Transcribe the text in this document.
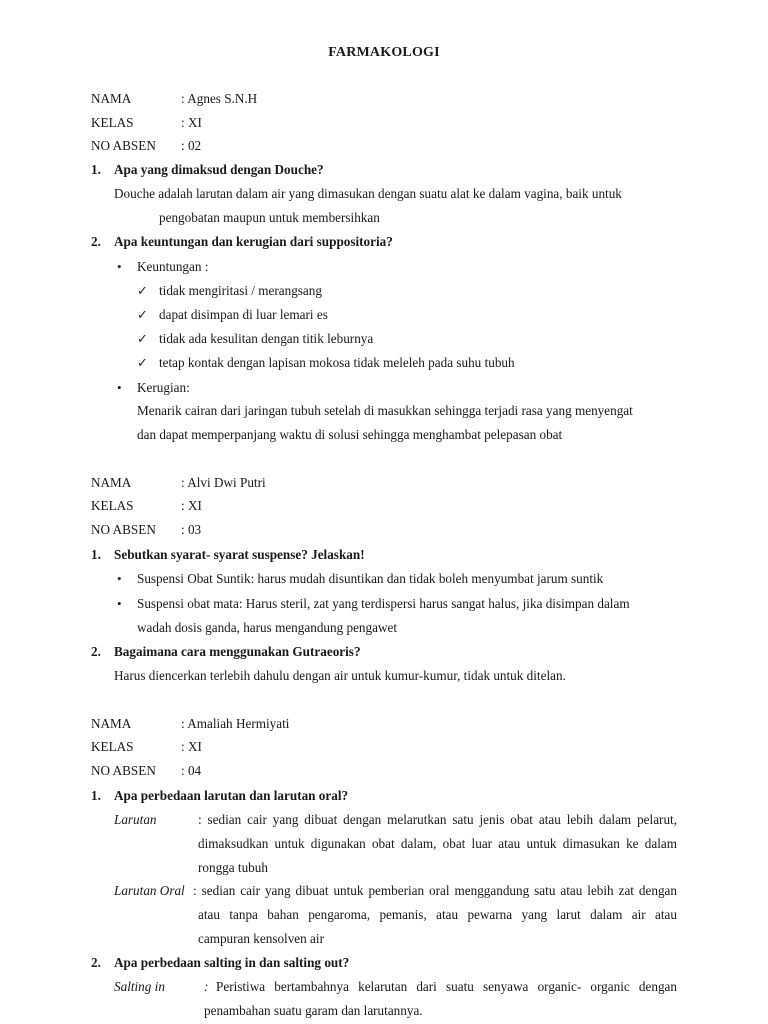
FARMAKOLOGI
NAMA	: Agnes S.N.H
KELAS	: XI
NO ABSEN : 02
1. Apa yang dimaksud dengan Douche?
Douche adalah larutan dalam air yang dimasukan dengan suatu alat ke dalam vagina, baik untuk
pengobatan maupun untuk membersihkan
2. Apa keuntungan dan kerugian dari suppositoria?
• Keuntungan :
✓ tidak mengiritasi / merangsang
✓ dapat disimpan di luar lemari es
✓ tidak ada kesulitan dengan titik leburnya
✓ tetap kontak dengan lapisan mokosa tidak meleleh pada suhu tubuh
• Kerugian:
Menarik cairan dari jaringan tubuh setelah di masukkan sehingga terjadi rasa yang menyengat
dan dapat memperpanjang waktu di solusi sehingga menghambat pelepasan obat
NAMA	: Alvi Dwi Putri
KELAS	: XI
NO ABSEN : 03
1. Sebutkan syarat- syarat suspense? Jelaskan!
• Suspensi Obat Suntik: harus mudah disuntikan dan tidak boleh menyumbat jarum suntik
• Suspensi obat mata: Harus steril, zat yang terdispersi harus sangat halus, jika disimpan dalam
wadah dosis ganda, harus mengandung pengawet
2. Bagaimana cara menggunakan Gutraeoris?
Harus diencerkan terlebih dahulu dengan air untuk kumur-kumur, tidak untuk ditelan.
NAMA	: Amaliah Hermiyati
KELAS	: XI
NO ABSEN : 04
1. Apa perbedaan larutan dan larutan oral?
Larutan	: sedian cair yang dibuat dengan melarutkan satu jenis obat atau lebih dalam pelarut,
dimaksudkan untuk digunakan obat dalam, obat luar atau untuk dimasukan ke dalam
rongga tubuh
Larutan Oral : sedian cair yang dibuat untuk pemberian oral menggandung satu atau lebih zat dengan
atau tanpa bahan pengaroma, pemanis, atau pewarna yang larut dalam air atau
campuran kensolven air
2. Apa perbedaan salting in dan salting out?
Salting in	: Peristiwa bertambahnya kelarutan dari suatu senyawa organic- organic dengan
penambahan suatu garam dan larutannya.
